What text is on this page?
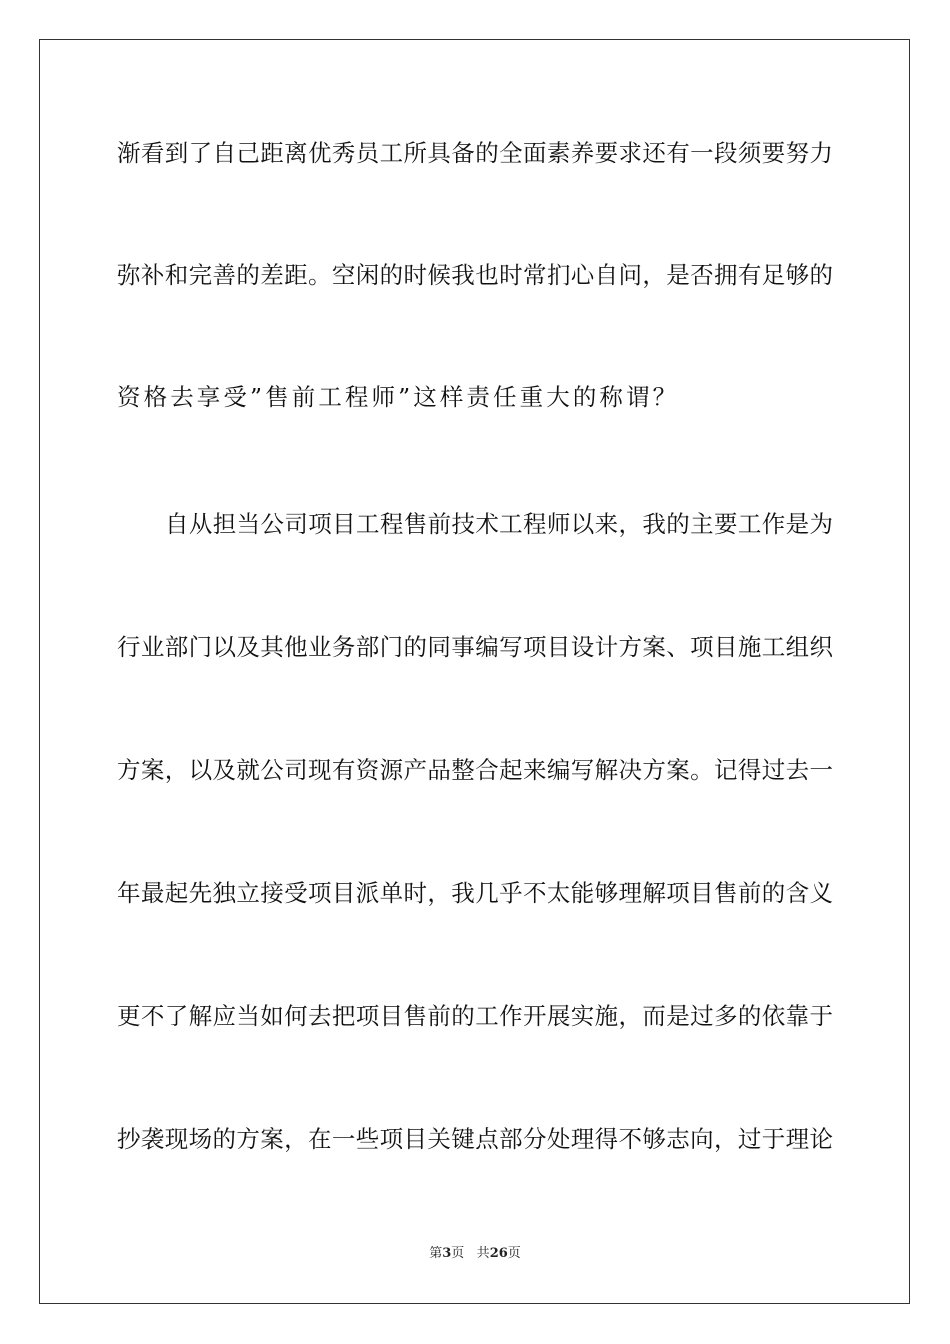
渐看到了自己距离优秀员工所具备的全面素养要求还有一段须要努力
弥补和完善的差距。空闲的时候我也时常扪心自问，是否拥有足够的
资格去享受”售前工程师”这样责任重大的称谓？
自从担当公司项目工程售前技术工程师以来，我的主要工作是为
行业部门以及其他业务部门的同事编写项目设计方案、项目施工组织
方案，以及就公司现有资源产品整合起来编写解决方案。记得过去一
年最起先独立接受项目派单时，我几乎不太能够理解项目售前的含义
更不了解应当如何去把项目售前的工作开展实施，而是过多的依靠于
抄袭现场的方案，在一些项目关键点部分处理得不够志向，过于理论
第3页 共26页
